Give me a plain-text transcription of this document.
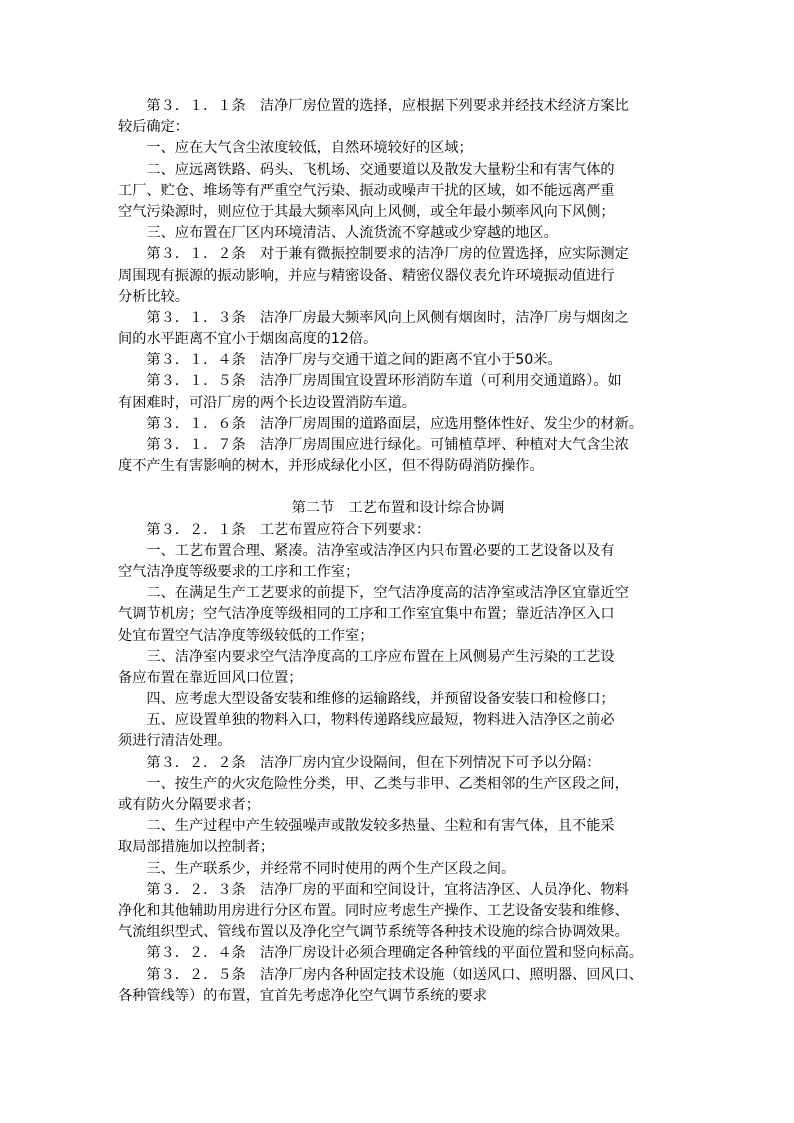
　　第３．１．１条　洁净厂房位置的选择，应根据下列要求并经技术经济方案比
较后确定：
　　一、应在大气含尘浓度较低，自然环境较好的区域；
　　二、应远离铁路、码头、飞机场、交通要道以及散发大量粉尘和有害气体的
工厂、贮仓、堆场等有严重空气污染、振动或噪声干扰的区域，如不能远离严重
空气污染源时，则应位于其最大频率风向上风侧，或全年最小频率风向下风侧；
　　三、应布置在厂区内环境清洁、人流货流不穿越或少穿越的地区。
　　第３．１．２条　对于兼有微振控制要求的洁净厂房的位置选择，应实际测定
周围现有振源的振动影响，并应与精密设备、精密仪器仪表允许环境振动值进行
分析比较。
　　第３．１．３条　洁净厂房最大频率风向上风侧有烟囱时，洁净厂房与烟囱之
间的水平距离不宜小于烟囱高度的12倍。
　　第３．１．４条　洁净厂房与交通干道之间的距离不宜小于50米。
　　第３．１．５条　洁净厂房周围宜设置环形消防车道（可利用交通道路）。如
有困难时，可沿厂房的两个长边设置消防车道。
　　第３．１．６条　洁净厂房周围的道路面层，应选用整体性好、发尘少的材新。
　　第３．１．７条　洁净厂房周围应进行绿化。可铺植草坪、种植对大气含尘浓
度不产生有害影响的树木，并形成绿化小区，但不得防碍消防操作。
第二节　工艺布置和设计综合协调
　　第３．２．１条　工艺布置应符合下列要求：
　　一、工艺布置合理、紧凑。洁净室或洁净区内只布置必要的工艺设备以及有
空气洁净度等级要求的工序和工作室；
　　二、在满足生产工艺要求的前提下，空气洁净度高的洁净室或洁净区宜靠近空
气调节机房；空气洁净度等级相同的工序和工作室宜集中布置；靠近洁净区入口
处宜布置空气洁净度等级较低的工作室；
　　三、洁净室内要求空气洁净度高的工序应布置在上风侧易产生污染的工艺设
备应布置在靠近回风口位置；
　　四、应考虑大型设备安装和维修的运输路线，并预留设备安装口和检修口；
　　五、应设置单独的物料入口，物料传递路线应最短，物料进入洁净区之前必
须进行清洁处理。
　　第３．２．２条　洁净厂房内宜少设隔间，但在下列情况下可予以分隔：
　　一、按生产的火灾危险性分类，甲、乙类与非甲、乙类相邻的生产区段之间，
或有防火分隔要求者；
　　二、生产过程中产生较强噪声或散发较多热量、尘粒和有害气体，且不能采
取局部措施加以控制者；
　　三、生产联系少，并经常不同时使用的两个生产区段之间。
　　第３．２．３条　洁净厂房的平面和空间设计，宜将洁净区、人员净化、物料
净化和其他辅助用房进行分区布置。同时应考虑生产操作、工艺设备安装和维修、
气流组织型式、管线布置以及净化空气调节系统等各种技术设施的综合协调效果。
　　第３．２．４条　洁净厂房设计必须合理确定各种管线的平面位置和竖向标高。
　　第３．２．５条　洁净厂房内各种固定技术设施（如送风口、照明器、回风口、
各种管线等）的布置，宜首先考虑净化空气调节系统的要求
